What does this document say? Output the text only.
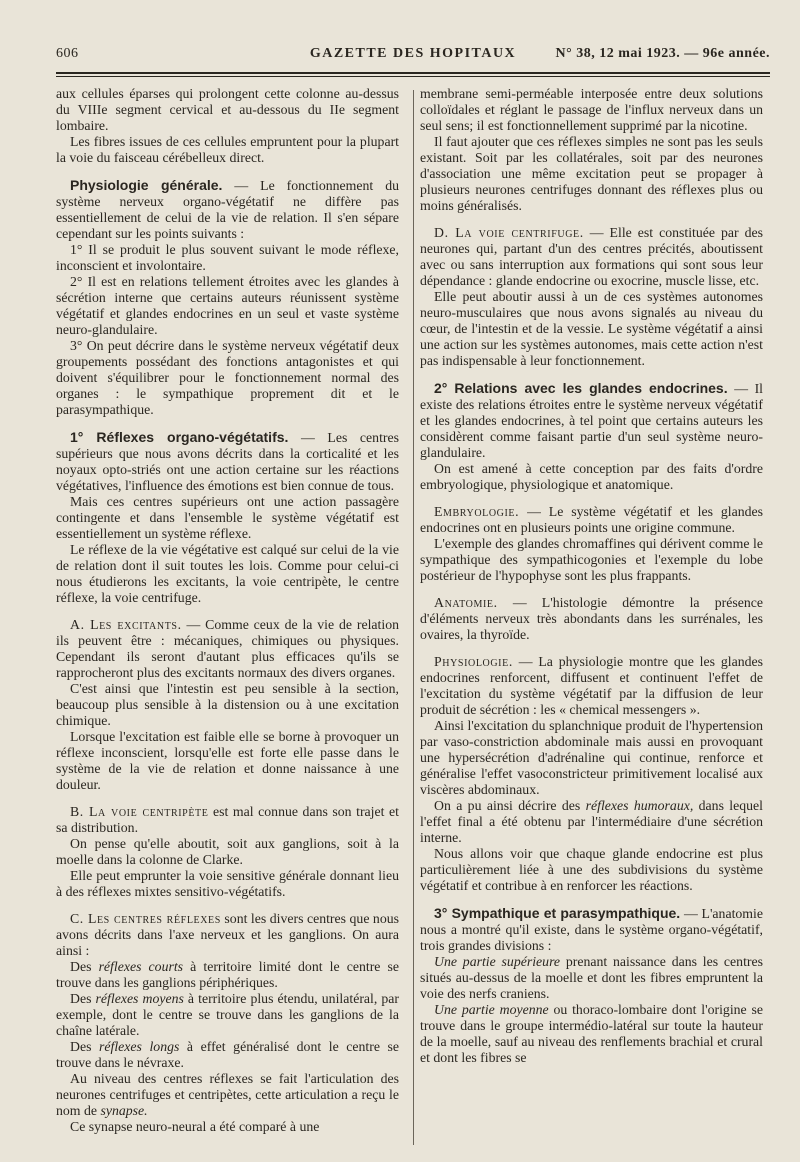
606	GAZETTE DES HOPITAUX	N° 38, 12 mai 1923. — 96e année.

aux cellules éparses qui prolongent cette colonne au-dessus du VIIIe segment cervical et au-dessous du IIe segment lombaire.

Les fibres issues de ces cellules empruntent pour la plupart la voie du faisceau cérébelleux direct.

Physiologie générale. — Le fonctionnement du système nerveux organo-végétatif ne diffère pas essentiellement de celui de la vie de relation. Il s'en sépare cependant sur les points suivants :

1° Il se produit le plus souvent suivant le mode réflexe, inconscient et involontaire.

2° Il est en relations tellement étroites avec les glandes à sécrétion interne que certains auteurs réunissent système végétatif et glandes endocrines en un seul et vaste système neuro-glandulaire.

3° On peut décrire dans le système nerveux végétatif deux groupements possédant des fonctions antagonistes et qui doivent s'équilibrer pour le fonctionnement normal des organes : le sympathique proprement dit et le parasympathique.

1° Réflexes organo-végétatifs. — Les centres supérieurs que nous avons décrits dans la corticalité et les noyaux opto-striés ont une action certaine sur les réactions végétatives, l'influence des émotions est bien connue de tous.

Mais ces centres supérieurs ont une action passagère contingente et dans l'ensemble le système végétatif est essentiellement un système réflexe.

Le réflexe de la vie végétative est calqué sur celui de la vie de relation dont il suit toutes les lois. Comme pour celui-ci nous étudierons les excitants, la voie centripète, le centre réflexe, la voie centrifuge.

A. Les excitants. — Comme ceux de la vie de relation ils peuvent être : mécaniques, chimiques ou physiques. Cependant ils seront d'autant plus efficaces qu'ils se rapprocheront plus des excitants normaux des divers organes.

C'est ainsi que l'intestin est peu sensible à la section, beaucoup plus sensible à la distension ou à une excitation chimique.

Lorsque l'excitation est faible elle se borne à provoquer un réflexe inconscient, lorsqu'elle est forte elle passe dans le système de la vie de relation et donne naissance à une douleur.

B. La voie centripète est mal connue dans son trajet et sa distribution.

On pense qu'elle aboutit, soit aux ganglions, soit à la moelle dans la colonne de Clarke.

Elle peut emprunter la voie sensitive générale donnant lieu à des réflexes mixtes sensitivo-végétatifs.

C. Les centres réflexes sont les divers centres que nous avons décrits dans l'axe nerveux et les ganglions. On aura ainsi :

Des réflexes courts à territoire limité dont le centre se trouve dans les ganglions périphériques.

Des réflexes moyens à territoire plus étendu, unilatéral, par exemple, dont le centre se trouve dans les ganglions de la chaîne latérale.

Des réflexes longs à effet généralisé dont le centre se trouve dans le névraxe.

Au niveau des centres réflexes se fait l'articulation des neurones centrifuges et centripètes, cette articulation a reçu le nom de synapse.

Ce synapse neuro-neural a été comparé à une

membrane semi-perméable interposée entre deux solutions colloïdales et réglant le passage de l'influx nerveux dans un seul sens; il est fonctionnellement supprimé par la nicotine.

Il faut ajouter que ces réflexes simples ne sont pas les seuls existant. Soit par les collatérales, soit par des neurones d'association une même excitation peut se propager à plusieurs neurones centrifuges donnant des réflexes plus ou moins généralisés.

D. La voie centrifuge. — Elle est constituée par des neurones qui, partant d'un des centres précités, aboutissent avec ou sans interruption aux formations qui sont sous leur dépendance : glande endocrine ou exocrine, muscle lisse, etc.

Elle peut aboutir aussi à un de ces systèmes autonomes neuro-musculaires que nous avons signalés au niveau du cœur, de l'intestin et de la vessie. Le système végétatif a ainsi une action sur les systèmes autonomes, mais cette action n'est pas indispensable à leur fonctionnement.

2° Relations avec les glandes endocrines. — Il existe des relations étroites entre le système nerveux végétatif et les glandes endocrines, à tel point que certains auteurs les considèrent comme faisant partie d'un seul système neuro-glandulaire.

On est amené à cette conception par des faits d'ordre embryologique, physiologique et anatomique.

Embryologie. — Le système végétatif et les glandes endocrines ont en plusieurs points une origine commune.

L'exemple des glandes chromaffines qui dérivent comme le sympathique des sympathicogonies et l'exemple du lobe postérieur de l'hypophyse sont les plus frappants.

Anatomie. — L'histologie démontre la présence d'éléments nerveux très abondants dans les surrénales, les ovaires, la thyroïde.

Physiologie. — La physiologie montre que les glandes endocrines renforcent, diffusent et continuent l'effet de l'excitation du système végétatif par la diffusion de leur produit de sécrétion : les « chemical messengers ».

Ainsi l'excitation du splanchnique produit de l'hypertension par vaso-constriction abdominale mais aussi en provoquant une hypersécrétion d'adrénaline qui continue, renforce et généralise l'effet vasoconstricteur primitivement localisé aux viscères abdominaux.

On a pu ainsi décrire des réflexes humoraux, dans lequel l'effet final a été obtenu par l'intermédiaire d'une sécrétion interne.

Nous allons voir que chaque glande endocrine est plus particulièrement liée à une des subdivisions du système végétatif et contribue à en renforcer les réactions.

3° Sympathique et parasympathique. — L'anatomie nous a montré qu'il existe, dans le système organo-végétatif, trois grandes divisions :

Une partie supérieure prenant naissance dans les centres situés au-dessus de la moelle et dont les fibres empruntent la voie des nerfs craniens.

Une partie moyenne ou thoraco-lombaire dont l'origine se trouve dans le groupe intermédio-latéral sur toute la hauteur de la moelle, sauf au niveau des renflements brachial et crural et dont les fibres se
